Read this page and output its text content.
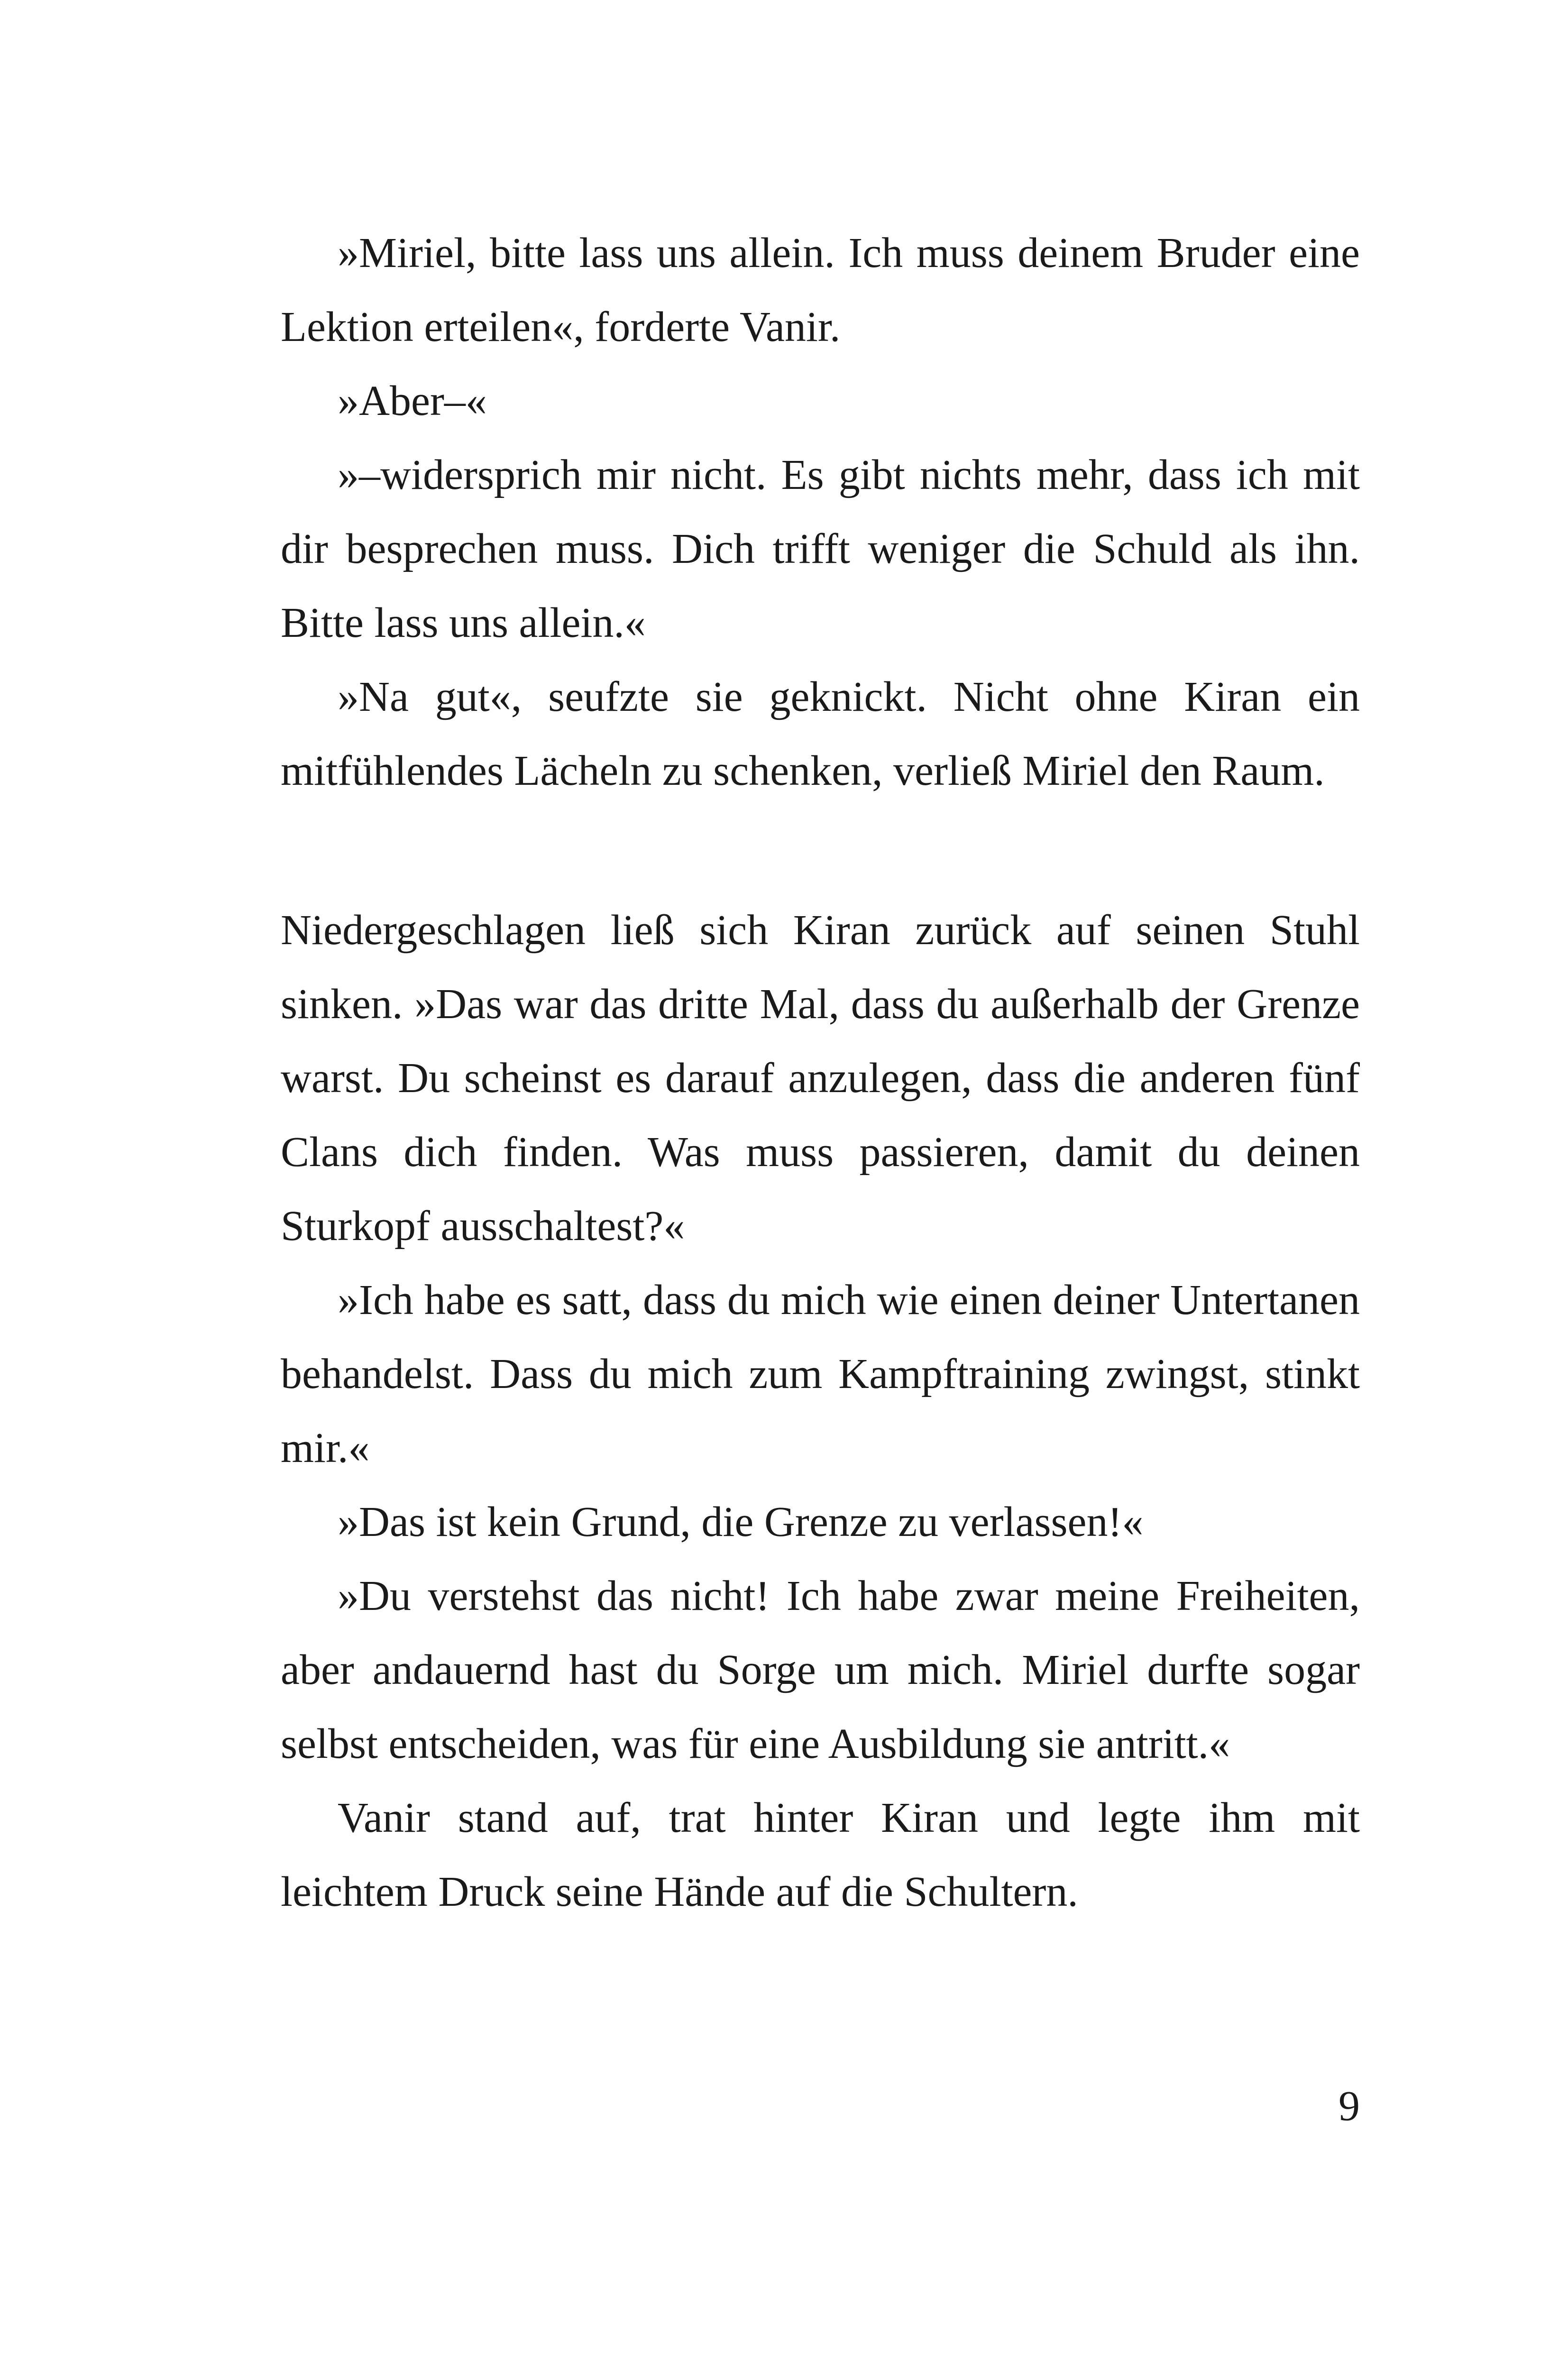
»Miriel, bitte lass uns allein. Ich muss deinem Bruder eine Lektion erteilen«, forderte Vanir.

»Aber–«

»–widersprich mir nicht. Es gibt nichts mehr, dass ich mit dir besprechen muss. Dich trifft weniger die Schuld als ihn. Bitte lass uns allein.«

»Na gut«, seufzte sie geknickt. Nicht ohne Kiran ein mitfühlendes Lächeln zu schenken, verließ Miriel den Raum.

Niedergeschlagen ließ sich Kiran zurück auf seinen Stuhl sinken. »Das war das dritte Mal, dass du außerhalb der Grenze warst. Du scheinst es darauf anzulegen, dass die anderen fünf Clans dich finden. Was muss passieren, damit du deinen Sturkopf ausschaltest?«

»Ich habe es satt, dass du mich wie einen deiner Untertanen behandelst. Dass du mich zum Kampftraining zwingst, stinkt mir.«

»Das ist kein Grund, die Grenze zu verlassen!«

»Du verstehst das nicht! Ich habe zwar meine Freiheiten, aber andauernd hast du Sorge um mich. Miriel durfte sogar selbst entscheiden, was für eine Ausbildung sie antritt.«

Vanir stand auf, trat hinter Kiran und legte ihm mit leichtem Druck seine Hände auf die Schultern.

9
